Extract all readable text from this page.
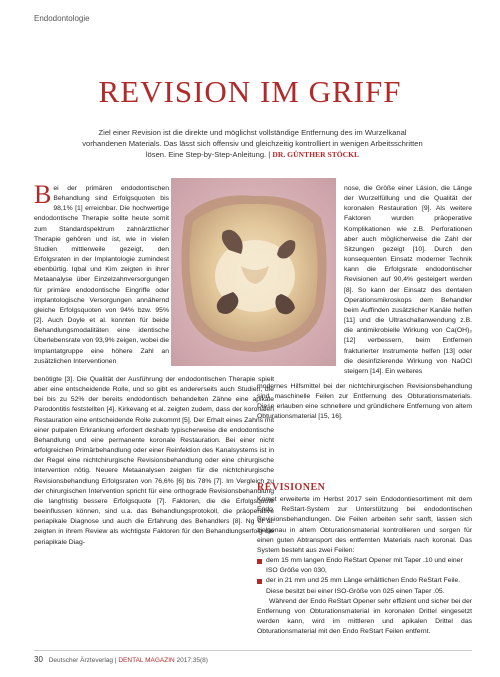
Endodontologie
REVISION IM GRIFF
Ziel einer Revision ist die direkte und möglichst vollständige Entfernung des im Wurzelkanal vorhandenen Materials. Das lässt sich offensiv und gleichzeitig kontrolliert in wenigen Arbeitsschritten lösen. Eine Step-by-Step-Anleitung. | DR. GÜNTHER STÖCKL

Bei der primären endodontischen Behandlung sind Erfolgsquoten bis 98,1% [1] erreichbar. Die hochwertige endodontische Therapie sollte heute somit zum Standardspektrum zahnärztlicher Therapie gehören und ist, wie in vielen Studien mittlerweile gezeigt, den Erfolgsraten in der Implantologie zumindest ebenbürtig. Iqbal und Kim zeigten in ihrer Metaanalyse über Einzelzahnversorgungen für primäre endodontische Eingriffe oder implantologische Versorgungen annähernd gleiche Erfolgsquoten von 94% bzw. 95% [2]. Auch Doyle et al. konnten für beide Behandlungsmodalitäten eine identische Überlebensrate von 93,9% zeigen, wobei die Implantatgruppe eine höhere Zahl an zusätzlichen Interventionen

nose, die Größe einer Läsion, die Länge der Wurzelfüllung und die Qualität der koronalen Restauration [9]. Als weitere Faktoren wurden präoperative Komplikationen wie z.B. Perforationen aber auch möglicherweise die Zahl der Sitzungen gezeigt [10]. Durch den konsequenten Einsatz moderner Technik kann die Erfolgsrate endodontischer Revisionen auf 90,4% gesteigert werden [8]. So kann der Einsatz des dentalen Operationsmikroskops dem Behandler beim Auffinden zusätzlicher Kanäle helfen [11] und die Ultraschallanwendung z.B. die antimikrobielle Wirkung von Ca(OH)₂ [12] verbessern, beim Entfernen frakturierter Instrumente helfen [13] oder die desinfizierende Wirkung von NaOCl steigern [14]. Ein weiteres

benötigte [3]. Die Qualität der Ausführung der endodontischen Therapie spielt aber eine entscheidende Rolle, und so gibt es andererseits auch Studien, die bei bis zu 52% der bereits endodontisch behandelten Zähne eine apikale Parodontitis feststellten [4]. Kirkevang et al. zeigten zudem, dass der koronalen Restauration eine entscheidende Rolle zukommt [5]. Der Erhalt eines Zahns mit einer pulpalen Erkrankung erfordert deshalb typischerweise die endodontische Behandlung und eine permanente koronale Restauration. Bei einer nicht erfolgreichen Primärbehandlung oder einer Reinfektion des Kanalsystems ist in der Regel eine nichtchirurgische Revisionsbehandlung oder eine chirurgische Intervention nötig. Neuere Metaanalysen zeigten für die nichtchirurgische Revisionsbehandlung Erfolgsraten von 76,6% [6] bis 78% [7]. Im Vergleich zu der chirurgischen Intervention spricht für eine orthograde Revisionsbehandlung die langfristig bessere Erfolgsquote [7]. Faktoren, die die Erfolgsquote beeinflussen können, sind u.a. das Behandlungsprotokoll, die präoperative periapikale Diagnose und auch die Erfahrung des Behandlers [8]. Ng et al. zeigten in ihrem Review als wichtigste Faktoren für den Behandlungserfolg die periapikale Diag-

modernes Hilfsmittel bei der nichtchirurgischen Revisionsbehandlung sind maschinelle Feilen zur Entfernung des Obturationsmaterials. Diese erlauben eine schnellere und gründlichere Entfernung von altem Obturationsmaterial [15, 16].

REVISIONEN

Komet erweiterte im Herbst 2017 sein Endodontiesortiment mit dem Endo ReStart-System zur Unterstützung bei endodontischen Revisionsbehandlungen. Die Feilen arbeiten sehr sanft, lassen sich zielgenau in altem Obturationsmaterial kontrollieren und sorgen für einen guten Abtransport des entfernten Materials nach koronal. Das System besteht aus zwei Feilen:

dem 15 mm langen Endo ReStart Opener mit Taper .10 und einer ISO Größe von 030,
der in 21 mm und 25 mm Länge erhältlichen Endo ReStart Feile. Diese besitzt bei einer ISO-Größe von 025 einen Taper .05.

Während der Endo ReStart Opener sehr effizient und sicher bei der Entfernung von Obturationsmaterial im koronalen Drittel eingesetzt werden kann, wird im mittleren und apikalen Drittel das Obturationsmaterial mit den Endo ReStart Feilen entfernt.

30 Deutscher Ärzteverlag | DENTAL MAGAZIN 2017;35(8)
